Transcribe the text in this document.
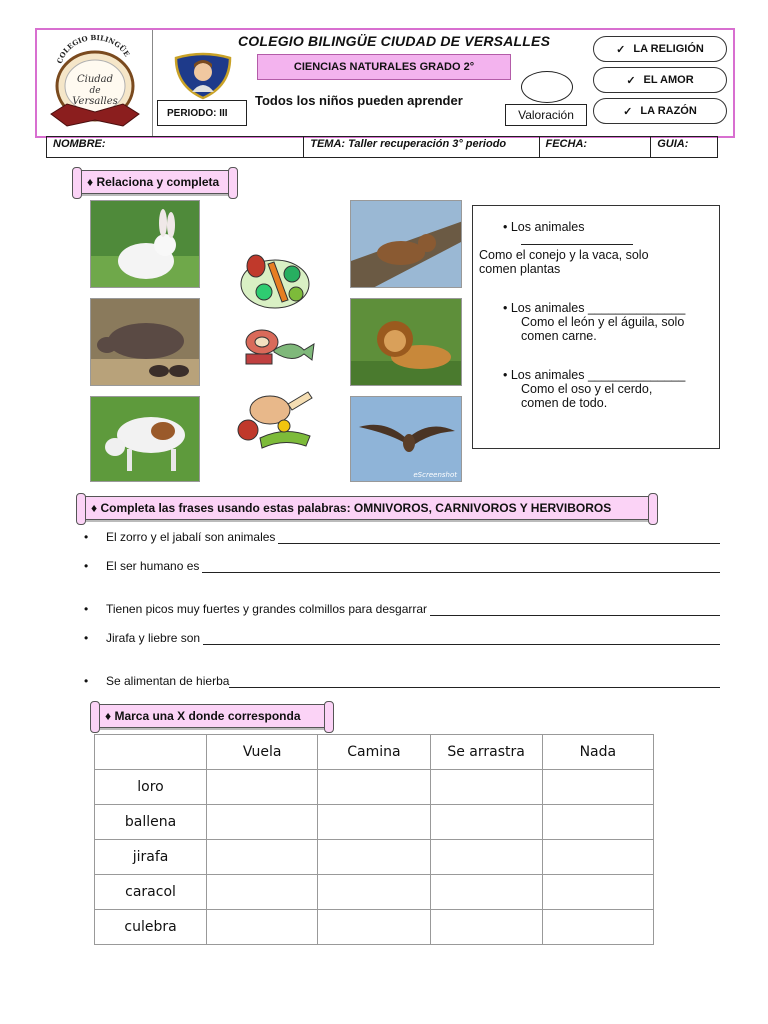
COLEGIO BILINGÜE
Ciudad
de
Versalles
COLEGIO BILINGÜE CIUDAD DE VERSALLES
CIENCIAS NATURALES GRADO 2°
✓ LA RELIGIÓN
✓ EL AMOR
✓ LA RAZÓN
PERIODO: III
Todos los niños pueden aprender
Valoración
NOMBRE:	TEMA: Taller recuperación 3° periodo	FECHA:	GUIA:
♦ Relaciona y completa
eScreenshot
• Los animales
Como el conejo y la vaca, solo comen plantas
• Los animales ______________
Como el león y el águila, solo comen carne.
• Los animales ______________
Como el oso y el cerdo, comen de todo.
♦ Completa las frases usando estas palabras: OMNIVOROS, CARNIVOROS Y HERVIBOROS
•	El zorro y el jabalí son animales
•	El ser humano es
•	Tienen picos muy fuertes y grandes colmillos para desgarrar
•	Jirafa y liebre son
•	Se alimentan de hierba
♦ Marca una X donde corresponda
	Vuela	Camina	Se arrastra	Nada
loro				
ballena				
jirafa				
caracol				
culebra				
